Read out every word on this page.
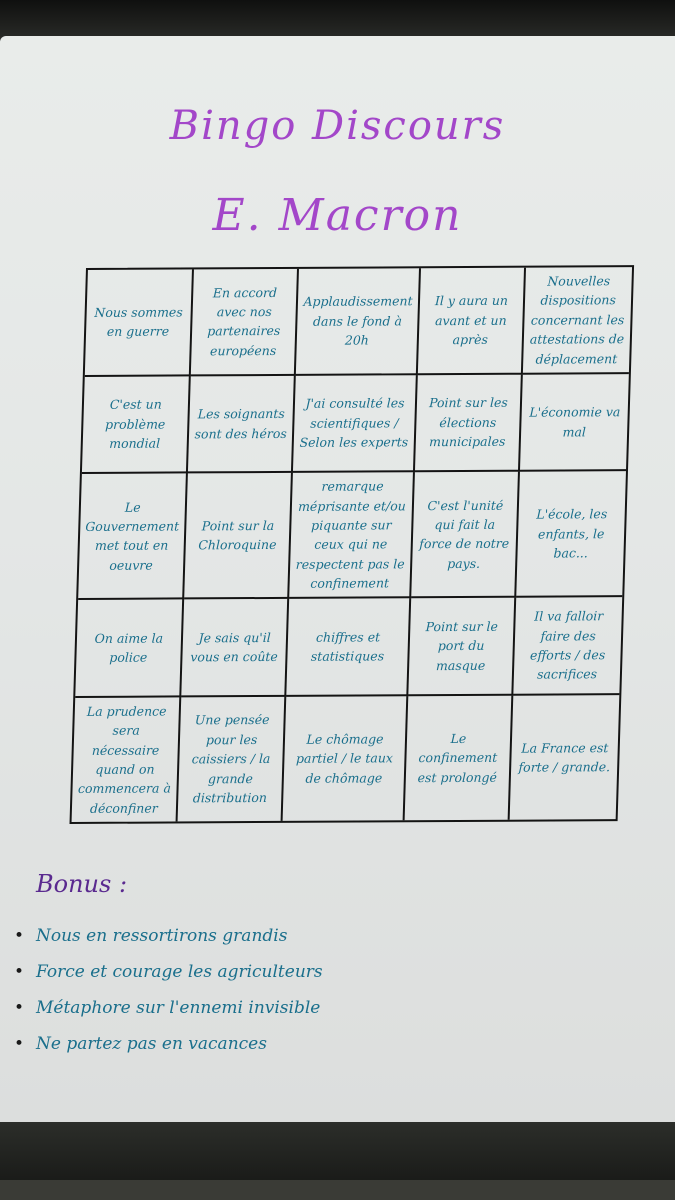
Bingo Discours
E. Macron
Nous sommes en guerre
En accord avec nos partenaires européens
Applaudissement dans le fond à 20h
Il y aura un avant et un après
Nouvelles dispositions concernant les attestations de déplacement
C'est un problème mondial
Les soignants sont des héros
J'ai consulté les scientifiques / Selon les experts
Point sur les élections municipales
L'économie va mal
Le Gouvernement met tout en oeuvre
Point sur la Chloroquine
remarque méprisante et/ou piquante sur ceux qui ne respectent pas le confinement
C'est l'unité qui fait la force de notre pays.
L'école, les enfants, le bac...
On aime la police
Je sais qu'il vous en coûte
chiffres et statistiques
Point sur le port du masque
Il va falloir faire des efforts / des sacrifices
La prudence sera nécessaire quand on commencera à déconfiner
Une pensée pour les caissiers / la grande distribution
Le chômage partiel / le taux de chômage
Le confinement est prolongé
La France est forte / grande.
Bonus :
• Nous en ressortirons grandis
• Force et courage les agriculteurs
• Métaphore sur l'ennemi invisible
• Ne partez pas en vacances
